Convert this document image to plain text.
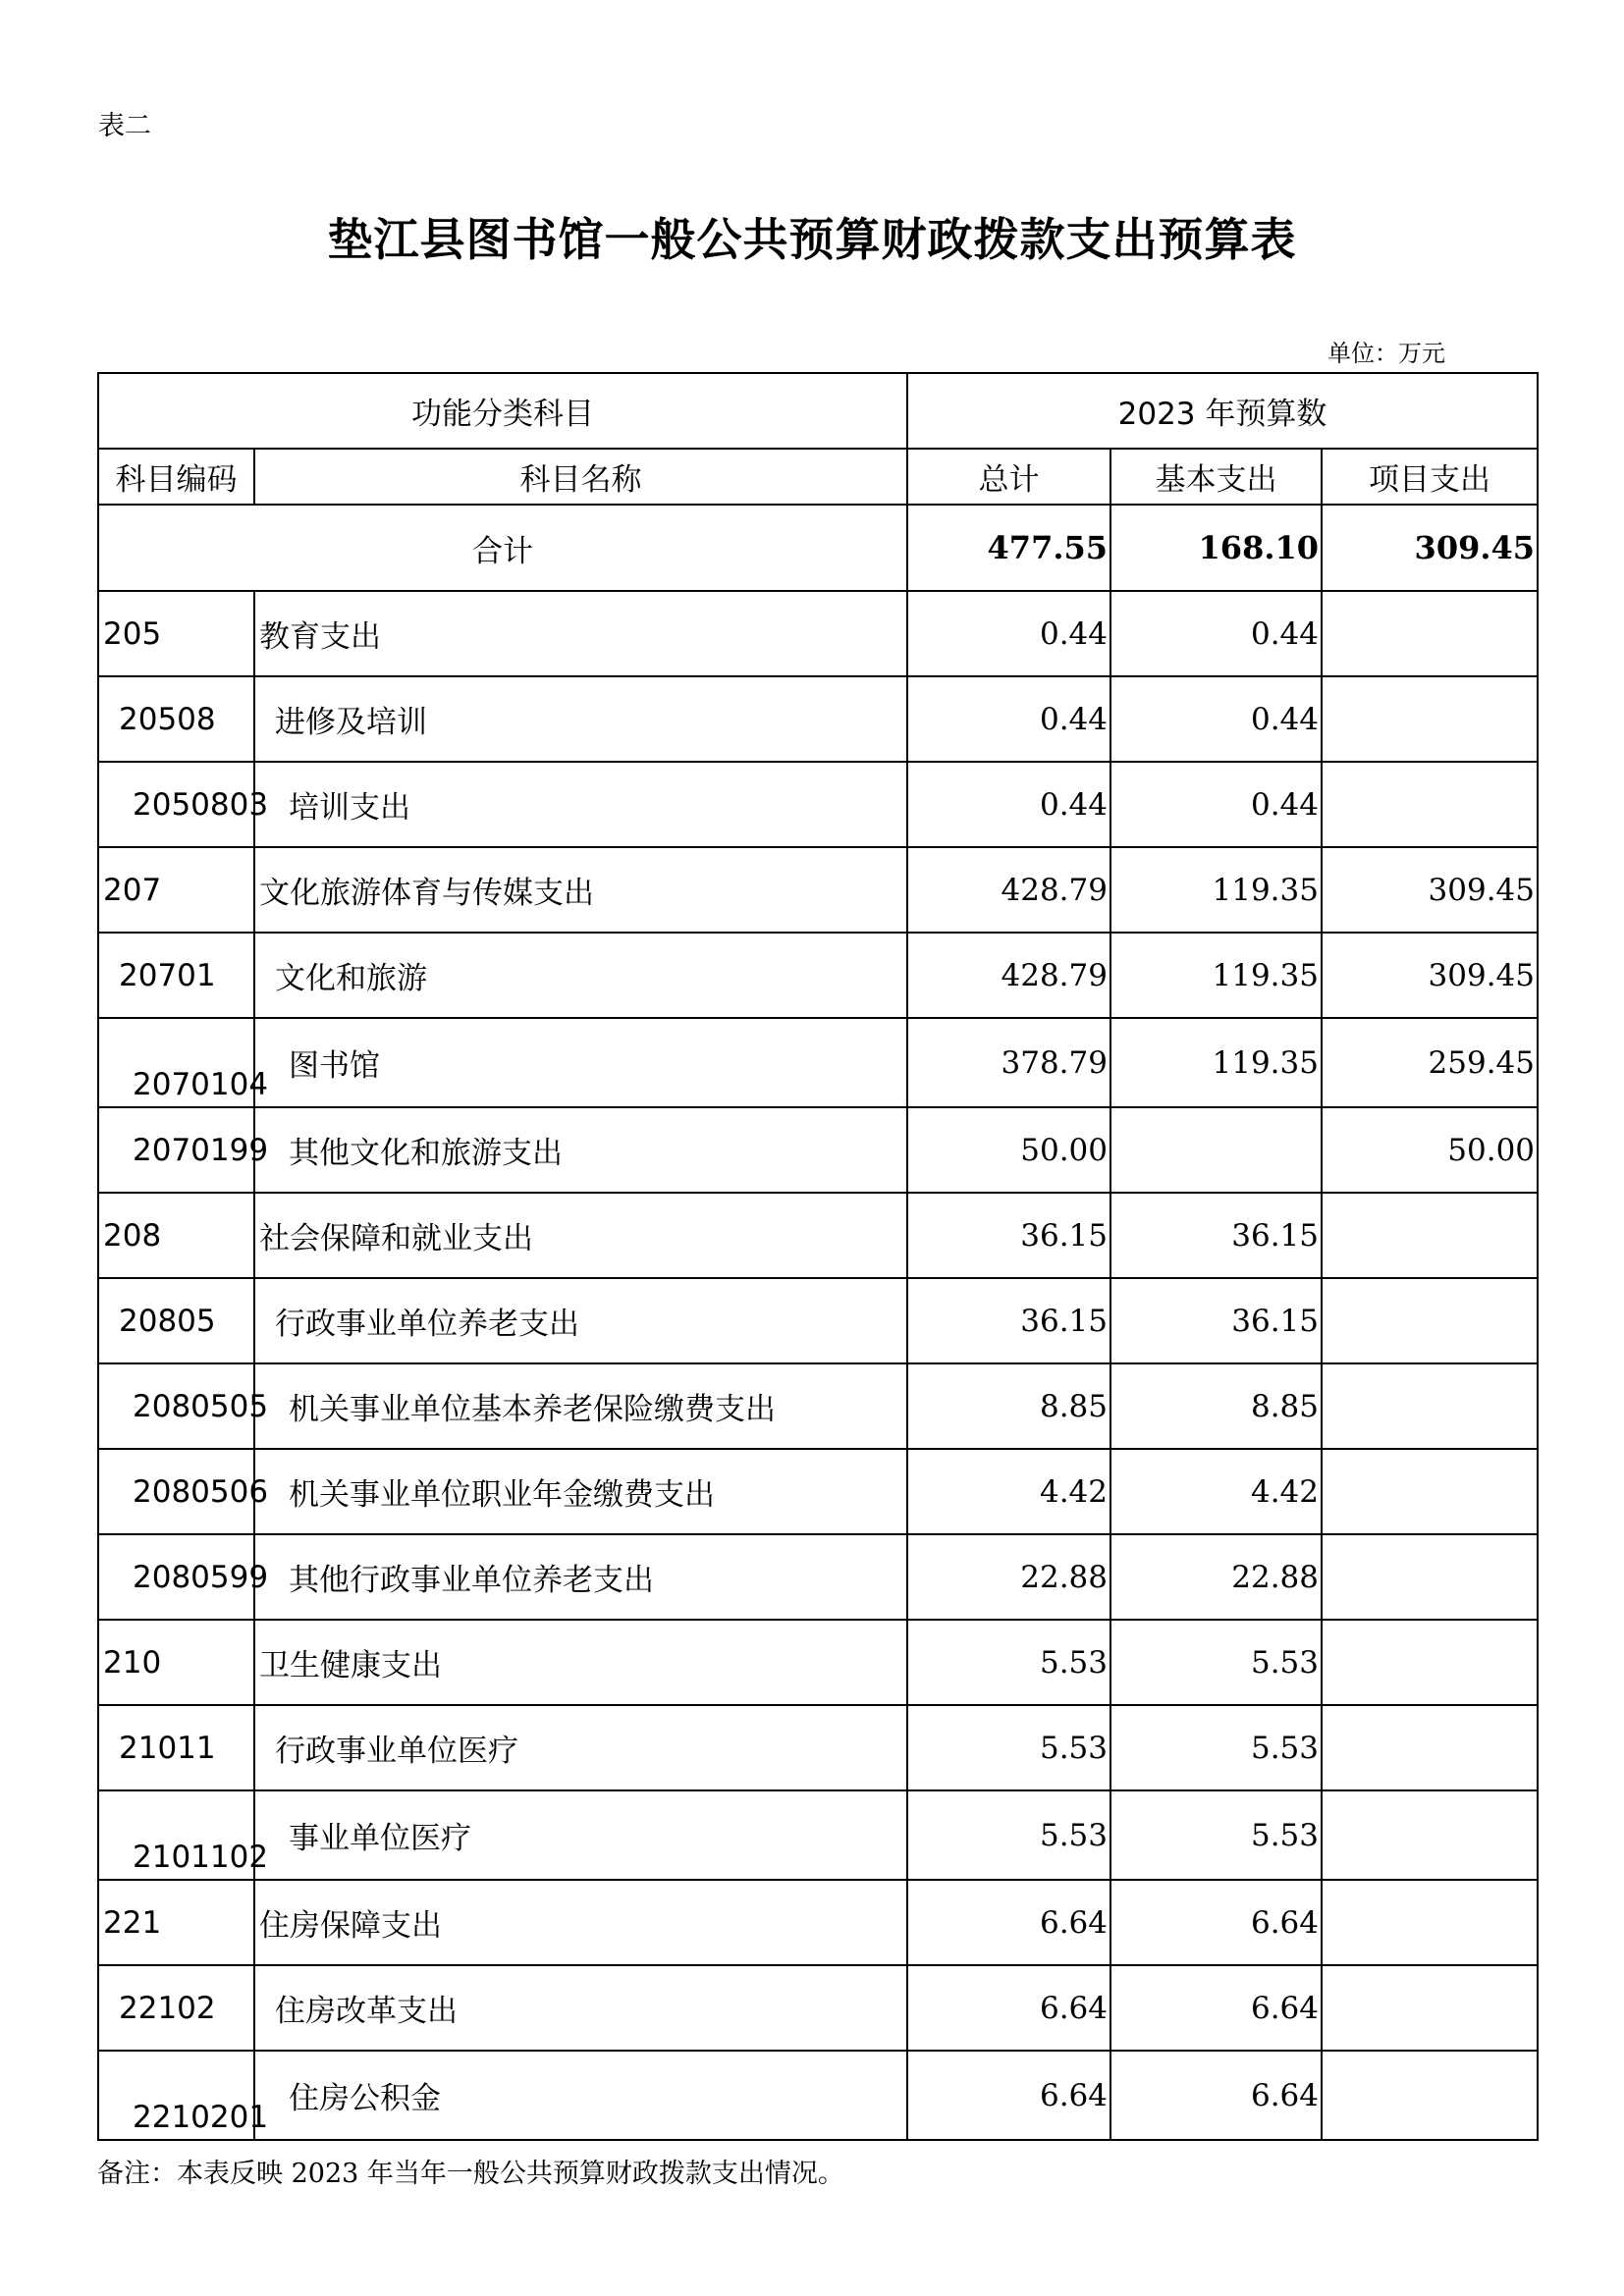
表二
垫江县图书馆一般公共预算财政拨款支出预算表
单位：万元
功能分类科目		2023 年预算数		
科目编码	科目名称	总计	基本支出	项目支出
合计		477.55	168.10	309.45
205	教育支出	0.44	0.44	
20508	进修及培训	0.44	0.44	
2050803	培训支出	0.44	0.44	
207	文化旅游体育与传媒支出	428.79	119.35	309.45
20701	文化和旅游	428.79	119.35	309.45
2070104	图书馆	378.79	119.35	259.45
2070199	其他文化和旅游支出	50.00		50.00
208	社会保障和就业支出	36.15	36.15	
20805	行政事业单位养老支出	36.15	36.15	
2080505	机关事业单位基本养老保险缴费支出	8.85	8.85	
2080506	机关事业单位职业年金缴费支出	4.42	4.42	
2080599	其他行政事业单位养老支出	22.88	22.88	
210	卫生健康支出	5.53	5.53	
21011	行政事业单位医疗	5.53	5.53	
2101102	事业单位医疗	5.53	5.53	
221	住房保障支出	6.64	6.64	
22102	住房改革支出	6.64	6.64	
2210201	住房公积金	6.64	6.64	
备注：本表反映 2023 年当年一般公共预算财政拨款支出情况。
